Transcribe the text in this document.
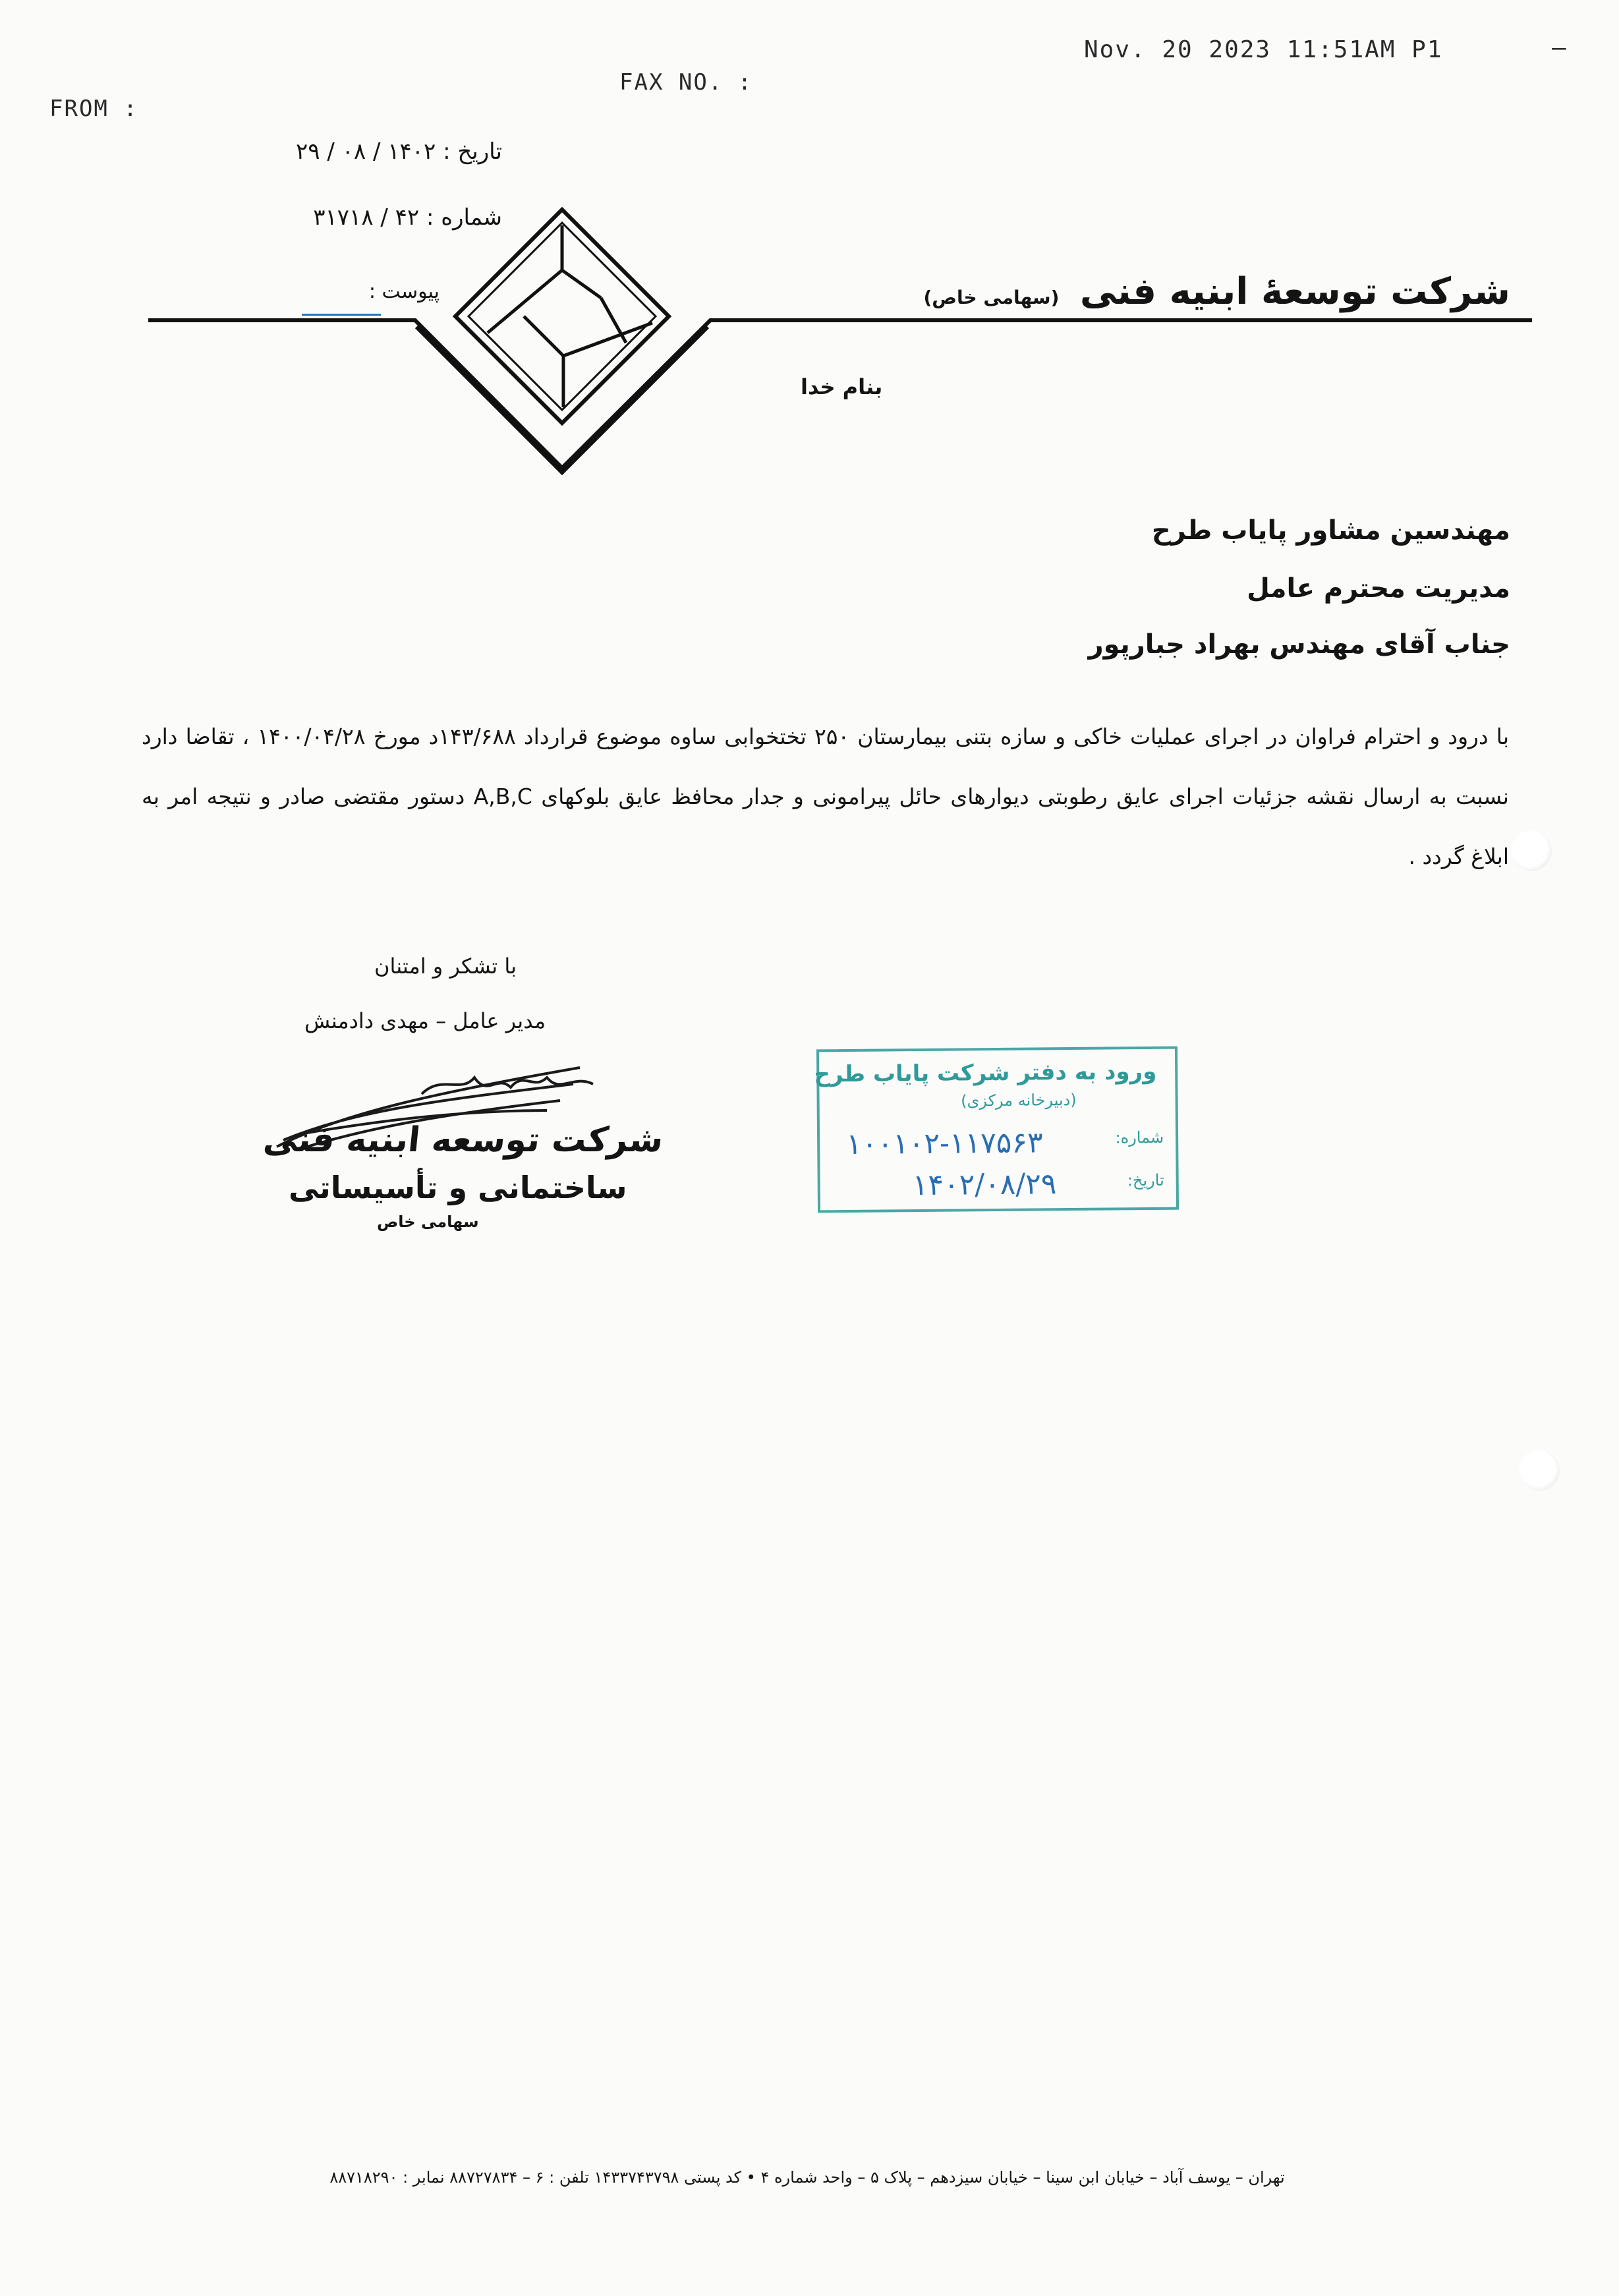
FROM :
FAX NO. :
Nov. 20 2023 11:51AM P1	—
تاریخ : ۱۴۰۲ / ۰۸ / ۲۹
شماره : ۴۲ / ۳۱۷۱۸
پیوست :	شرکت توسعهٔ ابنیه فنی (سهامی خاص)
بنام خدا
مهندسین مشاور پایاب طرح
مدیریت محترم عامل
جناب آقای مهندس بهراد جبارپور
با درود و احترام فراوان در اجرای عملیات خاکی و سازه بتنی بیمارستان ۲۵۰ تختخوابی ساوه موضوع قرارداد ۱۴۳/۶۸۸د مورخ ۱۴۰۰/۰۴/۲۸ ، تقاضا دارد نسبت به ارسال نقشه جزئیات اجرای عایق رطوبتی دیوارهای حائل پیرامونی و جدار محافظ عایق بلوکهای A,B,C دستور مقتضی صادر و نتیجه امر به ابلاغ گردد .
با تشکر و امتنان
مدیر عامل – مهدی دادمنش
شرکت توسعه ابنیه فنی
ساختمانی و تأسیساتی
سهامی خاص
ورود به دفتر شرکت پایاب طرح
(دبیرخانه مرکزی)
شماره:
تاریخ:
۱۰۰۱۰۲-۱۱۷۵۶۳
۱۴۰۲/۰۸/۲۹
تهران – یوسف آباد – خیابان ابن سینا – خیابان سیزدهم – پلاک ۵ – واحد شماره ۴ • کد پستی ۱۴۳۳۷۴۳۷۹۸ تلفن : ۶ – ۸۸۷۲۷۸۳۴ نمابر : ۸۸۷۱۸۲۹۰
